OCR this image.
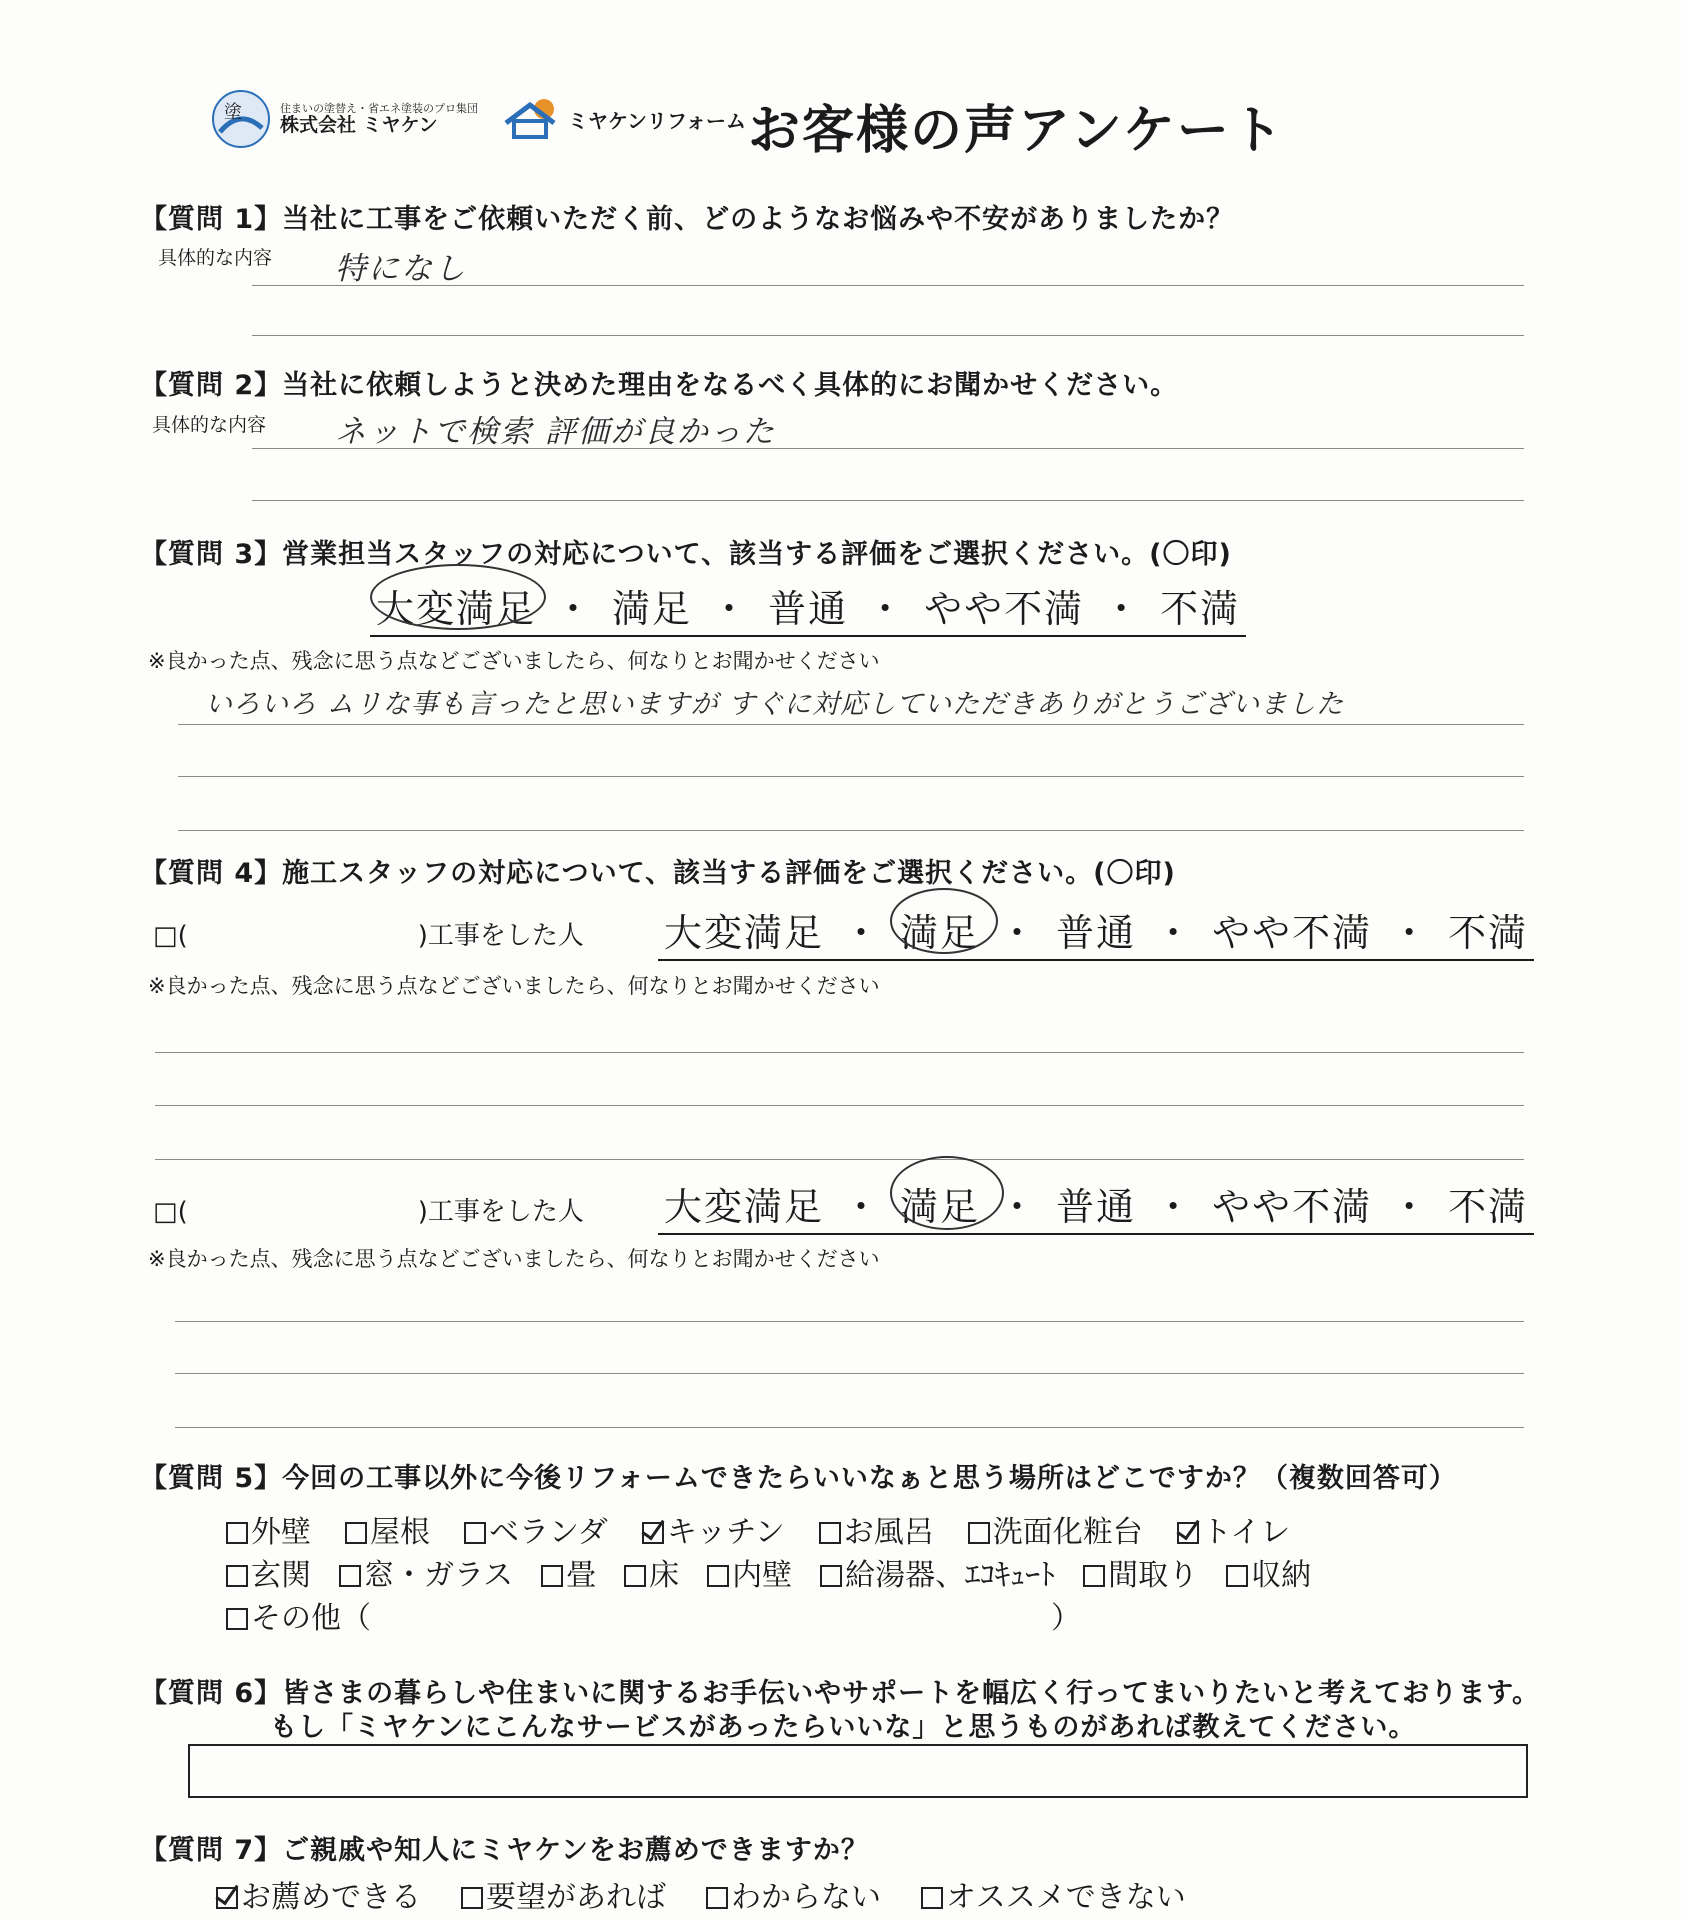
塗	住まいの塗替え・省エネ塗装のプロ集団
株式会社 ミヤケン	ミヤケンリフォーム お客様の声アンケート
【質問 1】当社に工事をご依頼いただく前、どのようなお悩みや不安がありましたか？
具体的な内容 特になし
【質問 2】当社に依頼しようと決めた理由をなるべく具体的にお聞かせください。
具体的な内容 ネットで検索 評価が良かった
【質問 3】営業担当スタッフの対応について、該当する評価をご選択ください。(〇印)
大変満足 ・ 満足 ・ 普通 ・ やや不満 ・ 不満
※良かった点、残念に思う点などございましたら、何なりとお聞かせください
いろいろ ムリな事も言ったと思いますが すぐに対応していただきありがとうございました
【質問 4】施工スタッフの対応について、該当する評価をご選択ください。(〇印)
□(	)工事をした人 大変満足 ・ 満足 ・ 普通 ・ やや不満 ・ 不満
※良かった点、残念に思う点などございましたら、何なりとお聞かせください
□(	)工事をした人 大変満足 ・ 満足 ・ 普通 ・ やや不満 ・ 不満
※良かった点、残念に思う点などございましたら、何なりとお聞かせください
【質問 5】今回の工事以外に今後リフォームできたらいいなぁと思う場所はどこですか？（複数回答可）
外壁 屋根 ベランダ キッチン お風呂 洗面化粧台 トイレ
玄関 窓・ガラス 畳 床 内壁 給湯器、ｴｺｷｭｰﾄ 間取り 収納
その他（	）
【質問 6】皆さまの暮らしや住まいに関するお手伝いやサポートを幅広く行ってまいりたいと考えております。
もし「ミヤケンにこんなサービスがあったらいいな」と思うものがあれば教えてください。
【質問 7】ご親戚や知人にミヤケンをお薦めできますか？
お薦めできる 要望があれば わからない オススメできない
